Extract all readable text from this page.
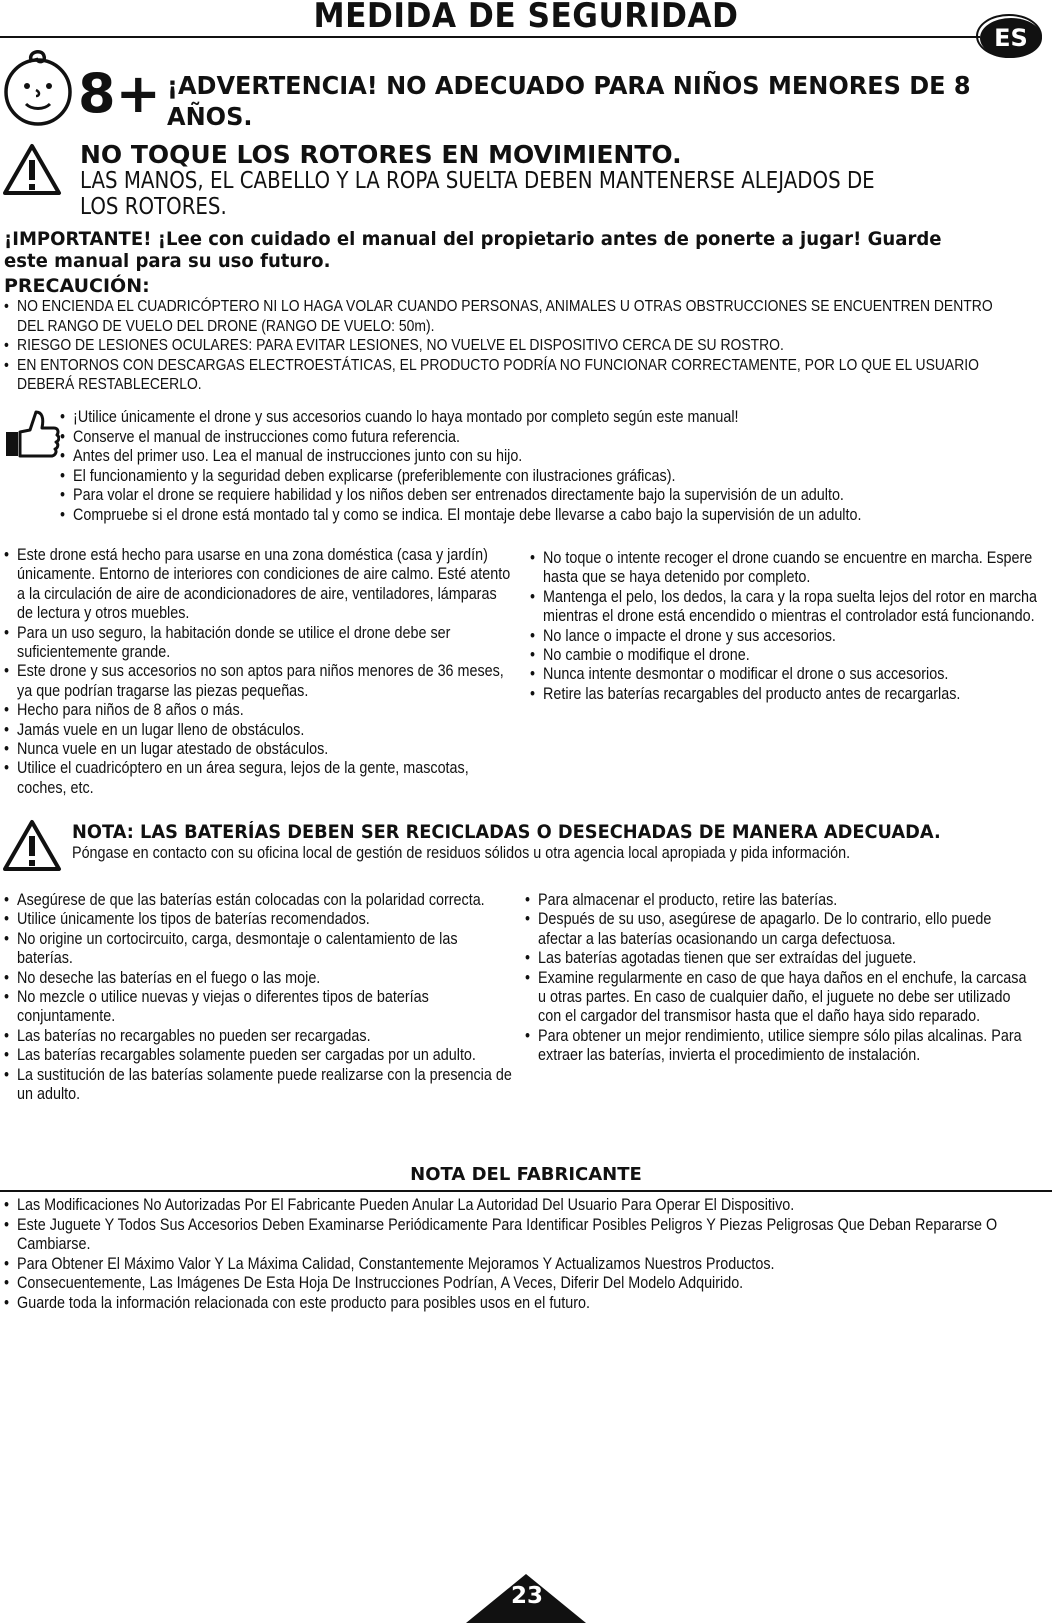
MEDIDA DE SEGURIDAD
ES
8+ ¡ADVERTENCIA! NO ADECUADO PARA NIÑOS MENORES DE 8 AÑOS.
NO TOQUE LOS ROTORES EN MOVIMIENTO.
LAS MANOS, EL CABELLO Y LA ROPA SUELTA DEBEN MANTENERSE ALEJADOS DE LOS ROTORES.
¡IMPORTANTE! ¡Lee con cuidado el manual del propietario antes de ponerte a jugar! Guarde este manual para su uso futuro.
PRECAUCIÓN:
• NO ENCIENDA EL CUADRICÓPTERO NI LO HAGA VOLAR CUANDO PERSONAS, ANIMALES U OTRAS OBSTRUCCIONES SE ENCUENTREN DENTRO DEL RANGO DE VUELO DEL DRONE (RANGO DE VUELO: 50m).
• RIESGO DE LESIONES OCULARES: PARA EVITAR LESIONES, NO VUELVE EL DISPOSITIVO CERCA DE SU ROSTRO.
• EN ENTORNOS CON DESCARGAS ELECTROESTÁTICAS, EL PRODUCTO PODRÍA NO FUNCIONAR CORRECTAMENTE, POR LO QUE EL USUARIO DEBERÁ RESTABLECERLO.
• ¡Utilice únicamente el drone y sus accesorios cuando lo haya montado por completo según este manual!
• Conserve el manual de instrucciones como futura referencia.
• Antes del primer uso. Lea el manual de instrucciones junto con su hijo.
• El funcionamiento y la seguridad deben explicarse (preferiblemente con ilustraciones gráficas).
• Para volar el drone se requiere habilidad y los niños deben ser entrenados directamente bajo la supervisión de un adulto.
• Compruebe si el drone está montado tal y como se indica. El montaje debe llevarse a cabo bajo la supervisión de un adulto.
• Este drone está hecho para usarse en una zona doméstica (casa y jardín) únicamente. Entorno de interiores con condiciones de aire calmo. Esté atento a la circulación de aire de acondicionadores de aire, ventiladores, lámparas de lectura y otros muebles.
• Para un uso seguro, la habitación donde se utilice el drone debe ser suficientemente grande.
• Este drone y sus accesorios no son aptos para niños menores de 36 meses, ya que podrían tragarse las piezas pequeñas.
• Hecho para niños de 8 años o más.
• Jamás vuele en un lugar lleno de obstáculos.
• Nunca vuele en un lugar atestado de obstáculos.
• Utilice el cuadricóptero en un área segura, lejos de la gente, mascotas, coches, etc.
• No toque o intente recoger el drone cuando se encuentre en marcha. Espere hasta que se haya detenido por completo.
• Mantenga el pelo, los dedos, la cara y la ropa suelta lejos del rotor en marcha mientras el drone está encendido o mientras el controlador está funcionando.
• No lance o impacte el drone y sus accesorios.
• No cambie o modifique el drone.
• Nunca intente desmontar o modificar el drone o sus accesorios.
• Retire las baterías recargables del producto antes de recargarlas.
NOTA: LAS BATERÍAS DEBEN SER RECICLADAS O DESECHADAS DE MANERA ADECUADA.
Póngase en contacto con su oficina local de gestión de residuos sólidos u otra agencia local apropiada y pida información.
• Asegúrese de que las baterías están colocadas con la polaridad correcta.
• Utilice únicamente los tipos de baterías recomendados.
• No origine un cortocircuito, carga, desmontaje o calentamiento de las baterías.
• No deseche las baterías en el fuego o las moje.
• No mezcle o utilice nuevas y viejas o diferentes tipos de baterías conjuntamente.
• Las baterías no recargables no pueden ser recargadas.
• Las baterías recargables solamente pueden ser cargadas por un adulto.
• La sustitución de las baterías solamente puede realizarse con la presencia de un adulto.
• Para almacenar el producto, retire las baterías.
• Después de su uso, asegúrese de apagarlo. De lo contrario, ello puede afectar a las baterías ocasionando un carga defectuosa.
• Las baterías agotadas tienen que ser extraídas del juguete.
• Examine regularmente en caso de que haya daños en el enchufe, la carcasa u otras partes. En caso de cualquier daño, el juguete no debe ser utilizado con el cargador del transmisor hasta que el daño haya sido reparado.
• Para obtener un mejor rendimiento, utilice siempre sólo pilas alcalinas. Para extraer las baterías, invierta el procedimiento de instalación.
NOTA DEL FABRICANTE
• Las Modificaciones No Autorizadas Por El Fabricante Pueden Anular La Autoridad Del Usuario Para Operar El Dispositivo.
• Este Juguete Y Todos Sus Accesorios Deben Examinarse Periódicamente Para Identificar Posibles Peligros Y Piezas Peligrosas Que Deban Repararse O Cambiarse.
• Para Obtener El Máximo Valor Y La Máxima Calidad, Constantemente Mejoramos Y Actualizamos Nuestros Productos.
• Consecuentemente, Las Imágenes De Esta Hoja De Instrucciones Podrían, A Veces, Diferir Del Modelo Adquirido.
• Guarde toda la información relacionada con este producto para posibles usos en el futuro.
23
